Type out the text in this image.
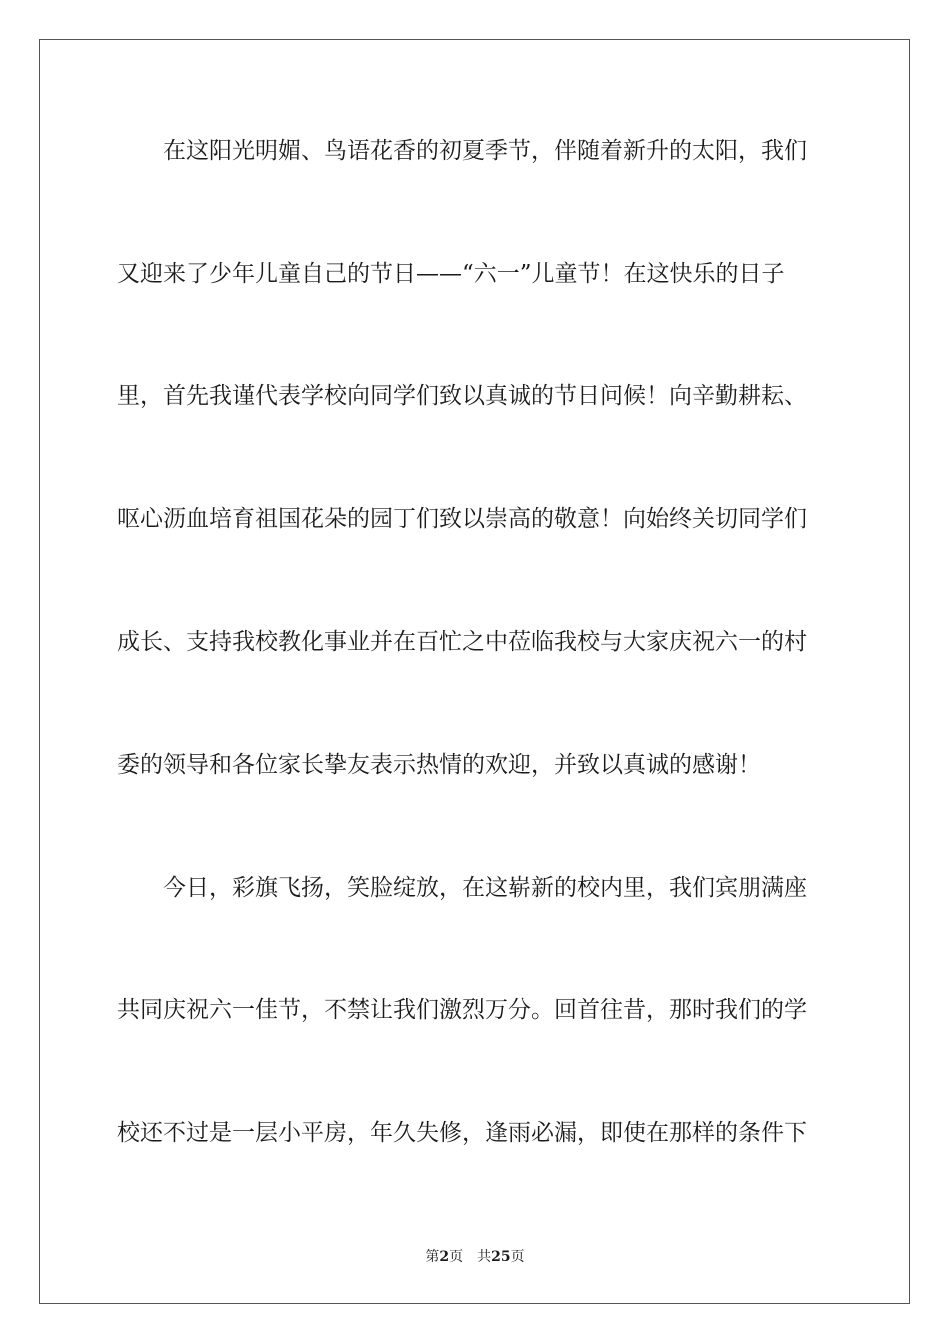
在这阳光明媚、鸟语花香的初夏季节，伴随着新升的太阳，我们
又迎来了少年儿童自己的节日——“六一”儿童节！在这快乐的日子
里，首先我谨代表学校向同学们致以真诚的节日问候！向辛勤耕耘、
呕心沥血培育祖国花朵的园丁们致以崇高的敬意！向始终关切同学们
成长、支持我校教化事业并在百忙之中莅临我校与大家庆祝六一的村
委的领导和各位家长挚友表示热情的欢迎，并致以真诚的感谢！
今日，彩旗飞扬，笑脸绽放，在这崭新的校内里，我们宾朋满座
共同庆祝六一佳节，不禁让我们激烈万分。回首往昔，那时我们的学
校还不过是一层小平房，年久失修，逢雨必漏，即使在那样的条件下
第2页 共25页
